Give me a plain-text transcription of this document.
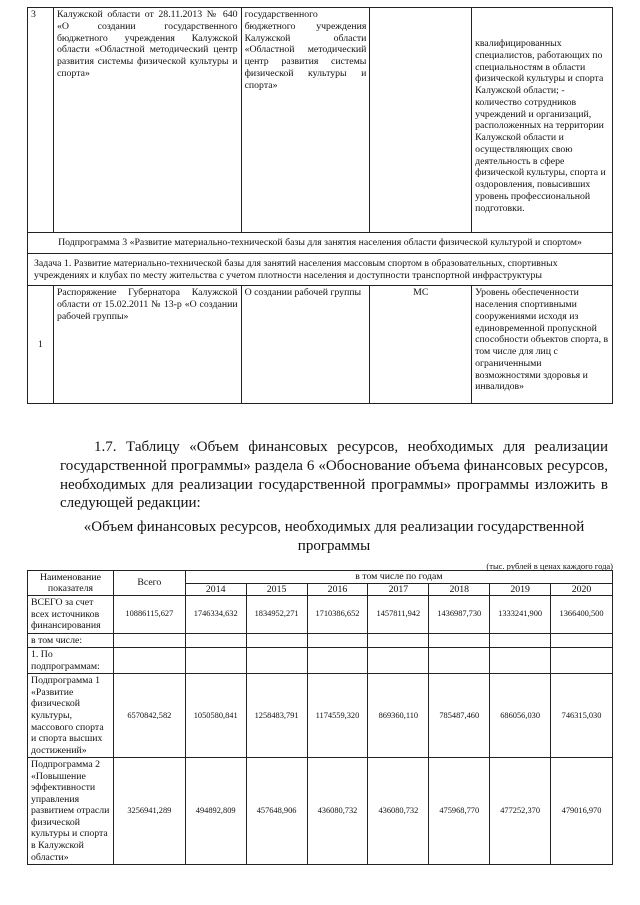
3	Калужской области от 28.11.2013 № 640 «О создании государственного бюджетного учреждения Калужской области «Областной методический центр развития системы физической культуры и спорта»	государственного бюджетного учреждения Калужской области «Областной методический центр развития системы физической культуры и спорта»		квалифицированных специалистов, работающих по специальностям в области физической культуры и спорта Калужской области; - количество сотрудников учреждений и организаций, расположенных на территории Калужской области и осуществляющих свою деятельность в сфере физической культуры, спорта и оздоровления, повысивших уровень профессиональной подготовки.
Подпрограмма 3 «Развитие материально-технической базы для занятия населения области физической культурой и спортом»				
Задача 1. Развитие материально-технической базы для занятий населения массовым спортом в образовательных, спортивных учреждениях и клубах по месту жительства с учетом плотности населения и доступности транспортной инфраструктуры				
1	Распоряжение Губернатора Калужской области от 15.02.2011 № 13-р «О создании рабочей группы»	О создании рабочей группы	МС	Уровень обеспеченности населения спортивными сооружениями исходя из единовременной пропускной способности объектов спорта, в том числе для лиц с ограниченными возможностями здоровья и инвалидов»

1.7. Таблицу «Объем финансовых ресурсов, необходимых для реализации государственной программы» раздела 6 «Обоснование объема финансовых ресурсов, необходимых для реализации государственной программы» программы изложить в следующей редакции:

«Объем финансовых ресурсов, необходимых для реализации государственной программы

(тыс. рублей в ценах каждого года)
Наименование показателя	Всего	в том числе по годам						
		2014	2015	2016	2017	2018	2019	2020
ВСЕГО за счет всех источников финансирования	10886115,627	1746334,632	1834952,271	1710386,652	1457811,942	1436987,730	1333241,900	1366400,500
в том числе:								
1. По подпрограммам:								
Подпрограмма 1 «Развитие физической культуры, массового спорта и спорта высших достижений»	6570842,582	1050580,841	1258483,791	1174559,320	869360,110	785487,460	686056,030	746315,030
Подпрограмма 2 «Повышение эффективности управления развитием отрасли физической культуры и спорта в Калужской области»	3256941,289	494892,809	457648,906	436080,732	436080,732	475968,770	477252,370	479016,970
